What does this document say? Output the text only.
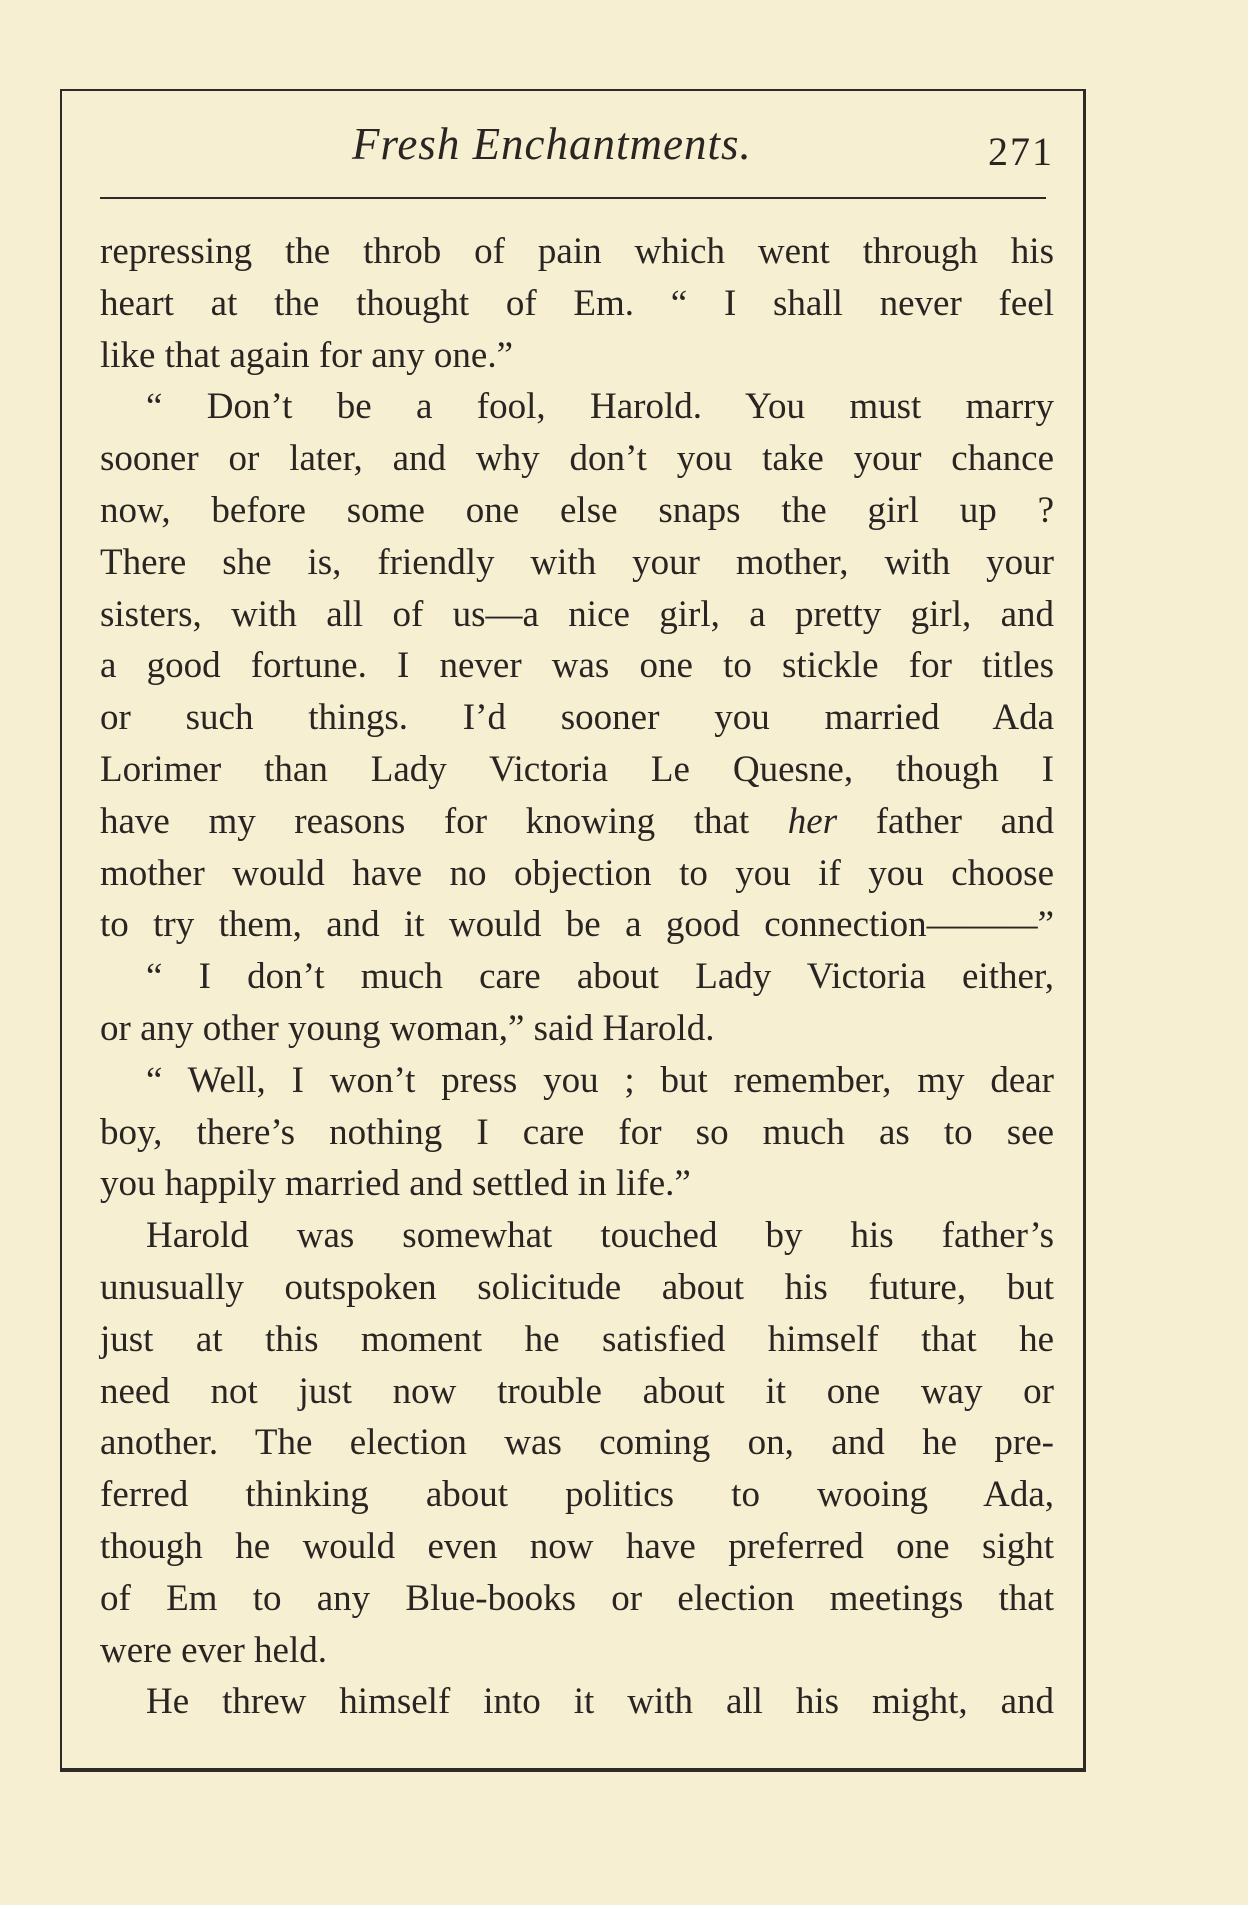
Fresh Enchantments.	271
repressing the throb of pain which went through his
heart at the thought of Em. “ I shall never feel
like that again for any one.”
“ Don’t be a fool, Harold. You must marry
sooner or later, and why don’t you take your chance
now, before some one else snaps the girl up ?
There she is, friendly with your mother, with your
sisters, with all of us—a nice girl, a pretty girl, and
a good fortune. I never was one to stickle for titles
or such things. I’d sooner you married Ada
Lorimer than Lady Victoria Le Quesne, though I
have my reasons for knowing that her father and
mother would have no objection to you if you choose
to try them, and it would be a good connection———”
“ I don’t much care about Lady Victoria either,
or any other young woman,” said Harold.
“ Well, I won’t press you ; but remember, my dear
boy, there’s nothing I care for so much as to see
you happily married and settled in life.”
Harold was somewhat touched by his father’s
unusually outspoken solicitude about his future, but
just at this moment he satisfied himself that he
need not just now trouble about it one way or
another. The election was coming on, and he pre-
ferred thinking about politics to wooing Ada,
though he would even now have preferred one sight
of Em to any Blue-books or election meetings that
were ever held.
He threw himself into it with all his might, and
